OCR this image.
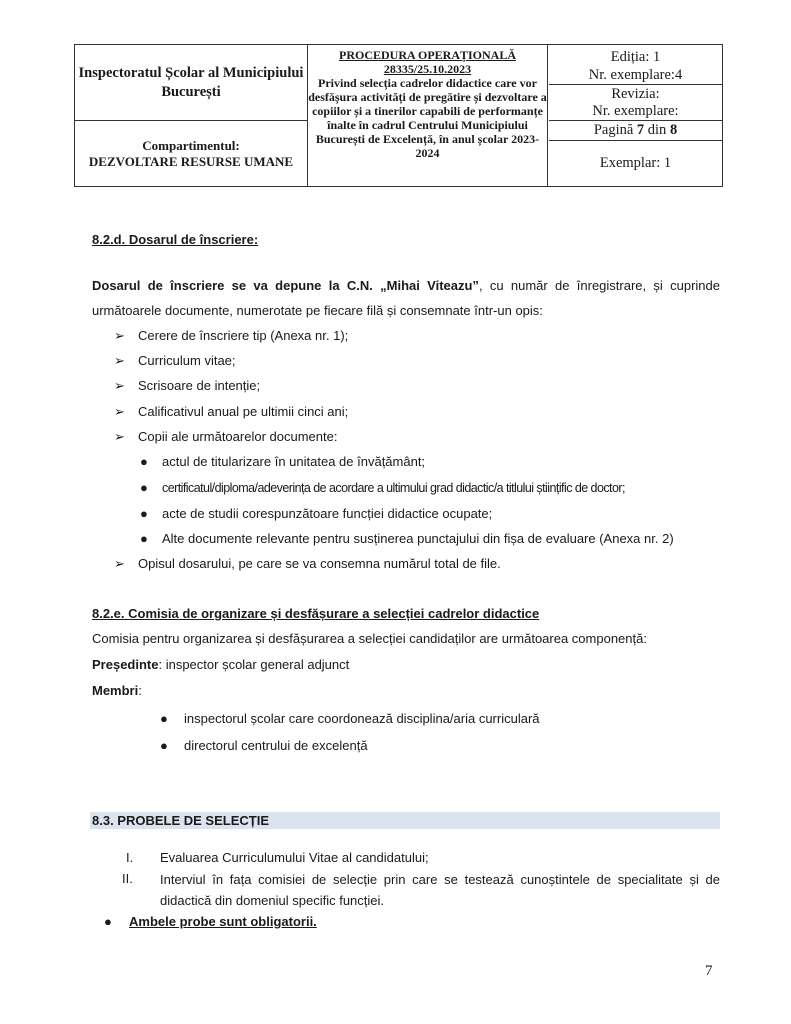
Inspectoratul Școlar al Municipiului București
Compartimentul:
DEZVOLTARE RESURSE UMANE
PROCEDURA OPERAȚIONALĂ
28335/25.10.2023
Privind selecția cadrelor didactice care vor desfășura activități de pregătire și dezvoltare a copiilor și a tinerilor capabili de performanțe înalte în cadrul Centrului Municipiului București de Excelență, în anul școlar 2023-2024
Ediția: 1
Nr. exemplare:4
Revizia:
Nr. exemplare:
Pagină 7 din 8
Exemplar: 1
8.2.d. Dosarul de înscriere:
Dosarul de înscriere se va depune la C.N. „Mihai Viteazu”, cu număr de înregistrare, și cuprinde următoarele documente, numerotate pe fiecare filă și consemnate într-un opis:
➢ Cerere de înscriere tip (Anexa nr. 1);
➢ Curriculum vitae;
➢ Scrisoare de intenție;
➢ Calificativul anual pe ultimii cinci ani;
➢ Copii ale următoarelor documente:
● actul de titularizare în unitatea de învățământ;
● certificatul/diploma/adeverința de acordare a ultimului grad didactic/a titlului științific de doctor;
● acte de studii corespunzătoare funcției didactice ocupate;
● Alte documente relevante pentru susținerea punctajului din fișa de evaluare (Anexa nr. 2)
➢ Opisul dosarului, pe care se va consemna numărul total de file.
8.2.e. Comisia de organizare și desfășurare a selecției cadrelor didactice
Comisia pentru organizarea și desfășurarea a selecției candidaților are următoarea componență:
Președinte: inspector școlar general adjunct
Membri:
● inspectorul școlar care coordonează disciplina/aria curriculară
● directorul centrului de excelență
8.3. PROBELE DE SELECȚIE
I. Evaluarea Curriculumului Vitae al candidatului;
II. Interviul în fața comisiei de selecție prin care se testează cunoștintele de specialitate și de didactică din domeniul specific funcției.
● Ambele probe sunt obligatorii.
7
